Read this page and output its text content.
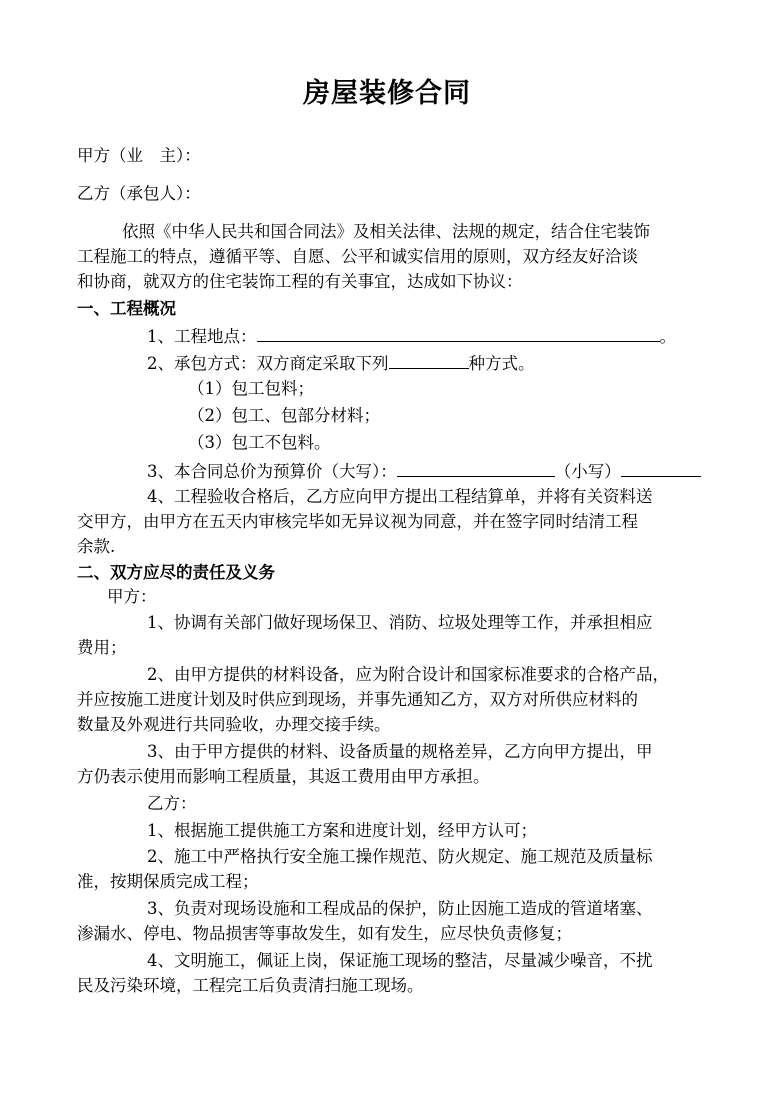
房屋装修合同
甲方（业　主）：
乙方（承包人）：
依照《中华人民共和国合同法》及相关法律、法规的规定，结合住宅装饰
工程施工的特点，遵循平等、自愿、公平和诚实信用的原则，双方经友好洽谈
和协商，就双方的住宅装饰工程的有关事宜，达成如下协议：
一、工程概况
1、工程地点：	。
2、承包方式：双方商定采取下列	种方式。
（1）包工包料；
（2）包工、包部分材料；
（3）包工不包料。
3、本合同总价为预算价（大写）：	（小写）
4、工程验收合格后，乙方应向甲方提出工程结算单，并将有关资料送
交甲方，由甲方在五天内审核完毕如无异议视为同意，并在签字同时结清工程
余款.
二、双方应尽的责任及义务
甲方：
1、协调有关部门做好现场保卫、消防、垃圾处理等工作，并承担相应
费用；
2、由甲方提供的材料设备，应为附合设计和国家标准要求的合格产品，
并应按施工进度计划及时供应到现场，并事先通知乙方，双方对所供应材料的
数量及外观进行共同验收，办理交接手续。
3、由于甲方提供的材料、设备质量的规格差异，乙方向甲方提出，甲
方仍表示使用而影响工程质量，其返工费用由甲方承担。
乙方：
1、根据施工提供施工方案和进度计划，经甲方认可；
2、施工中严格执行安全施工操作规范、防火规定、施工规范及质量标
准，按期保质完成工程；
3、负责对现场设施和工程成品的保护，防止因施工造成的管道堵塞、
渗漏水、停电、物品损害等事故发生，如有发生，应尽快负责修复；
4、文明施工，佩证上岗，保证施工现场的整洁，尽量减少噪音，不扰
民及污染环境，工程完工后负责清扫施工现场。
